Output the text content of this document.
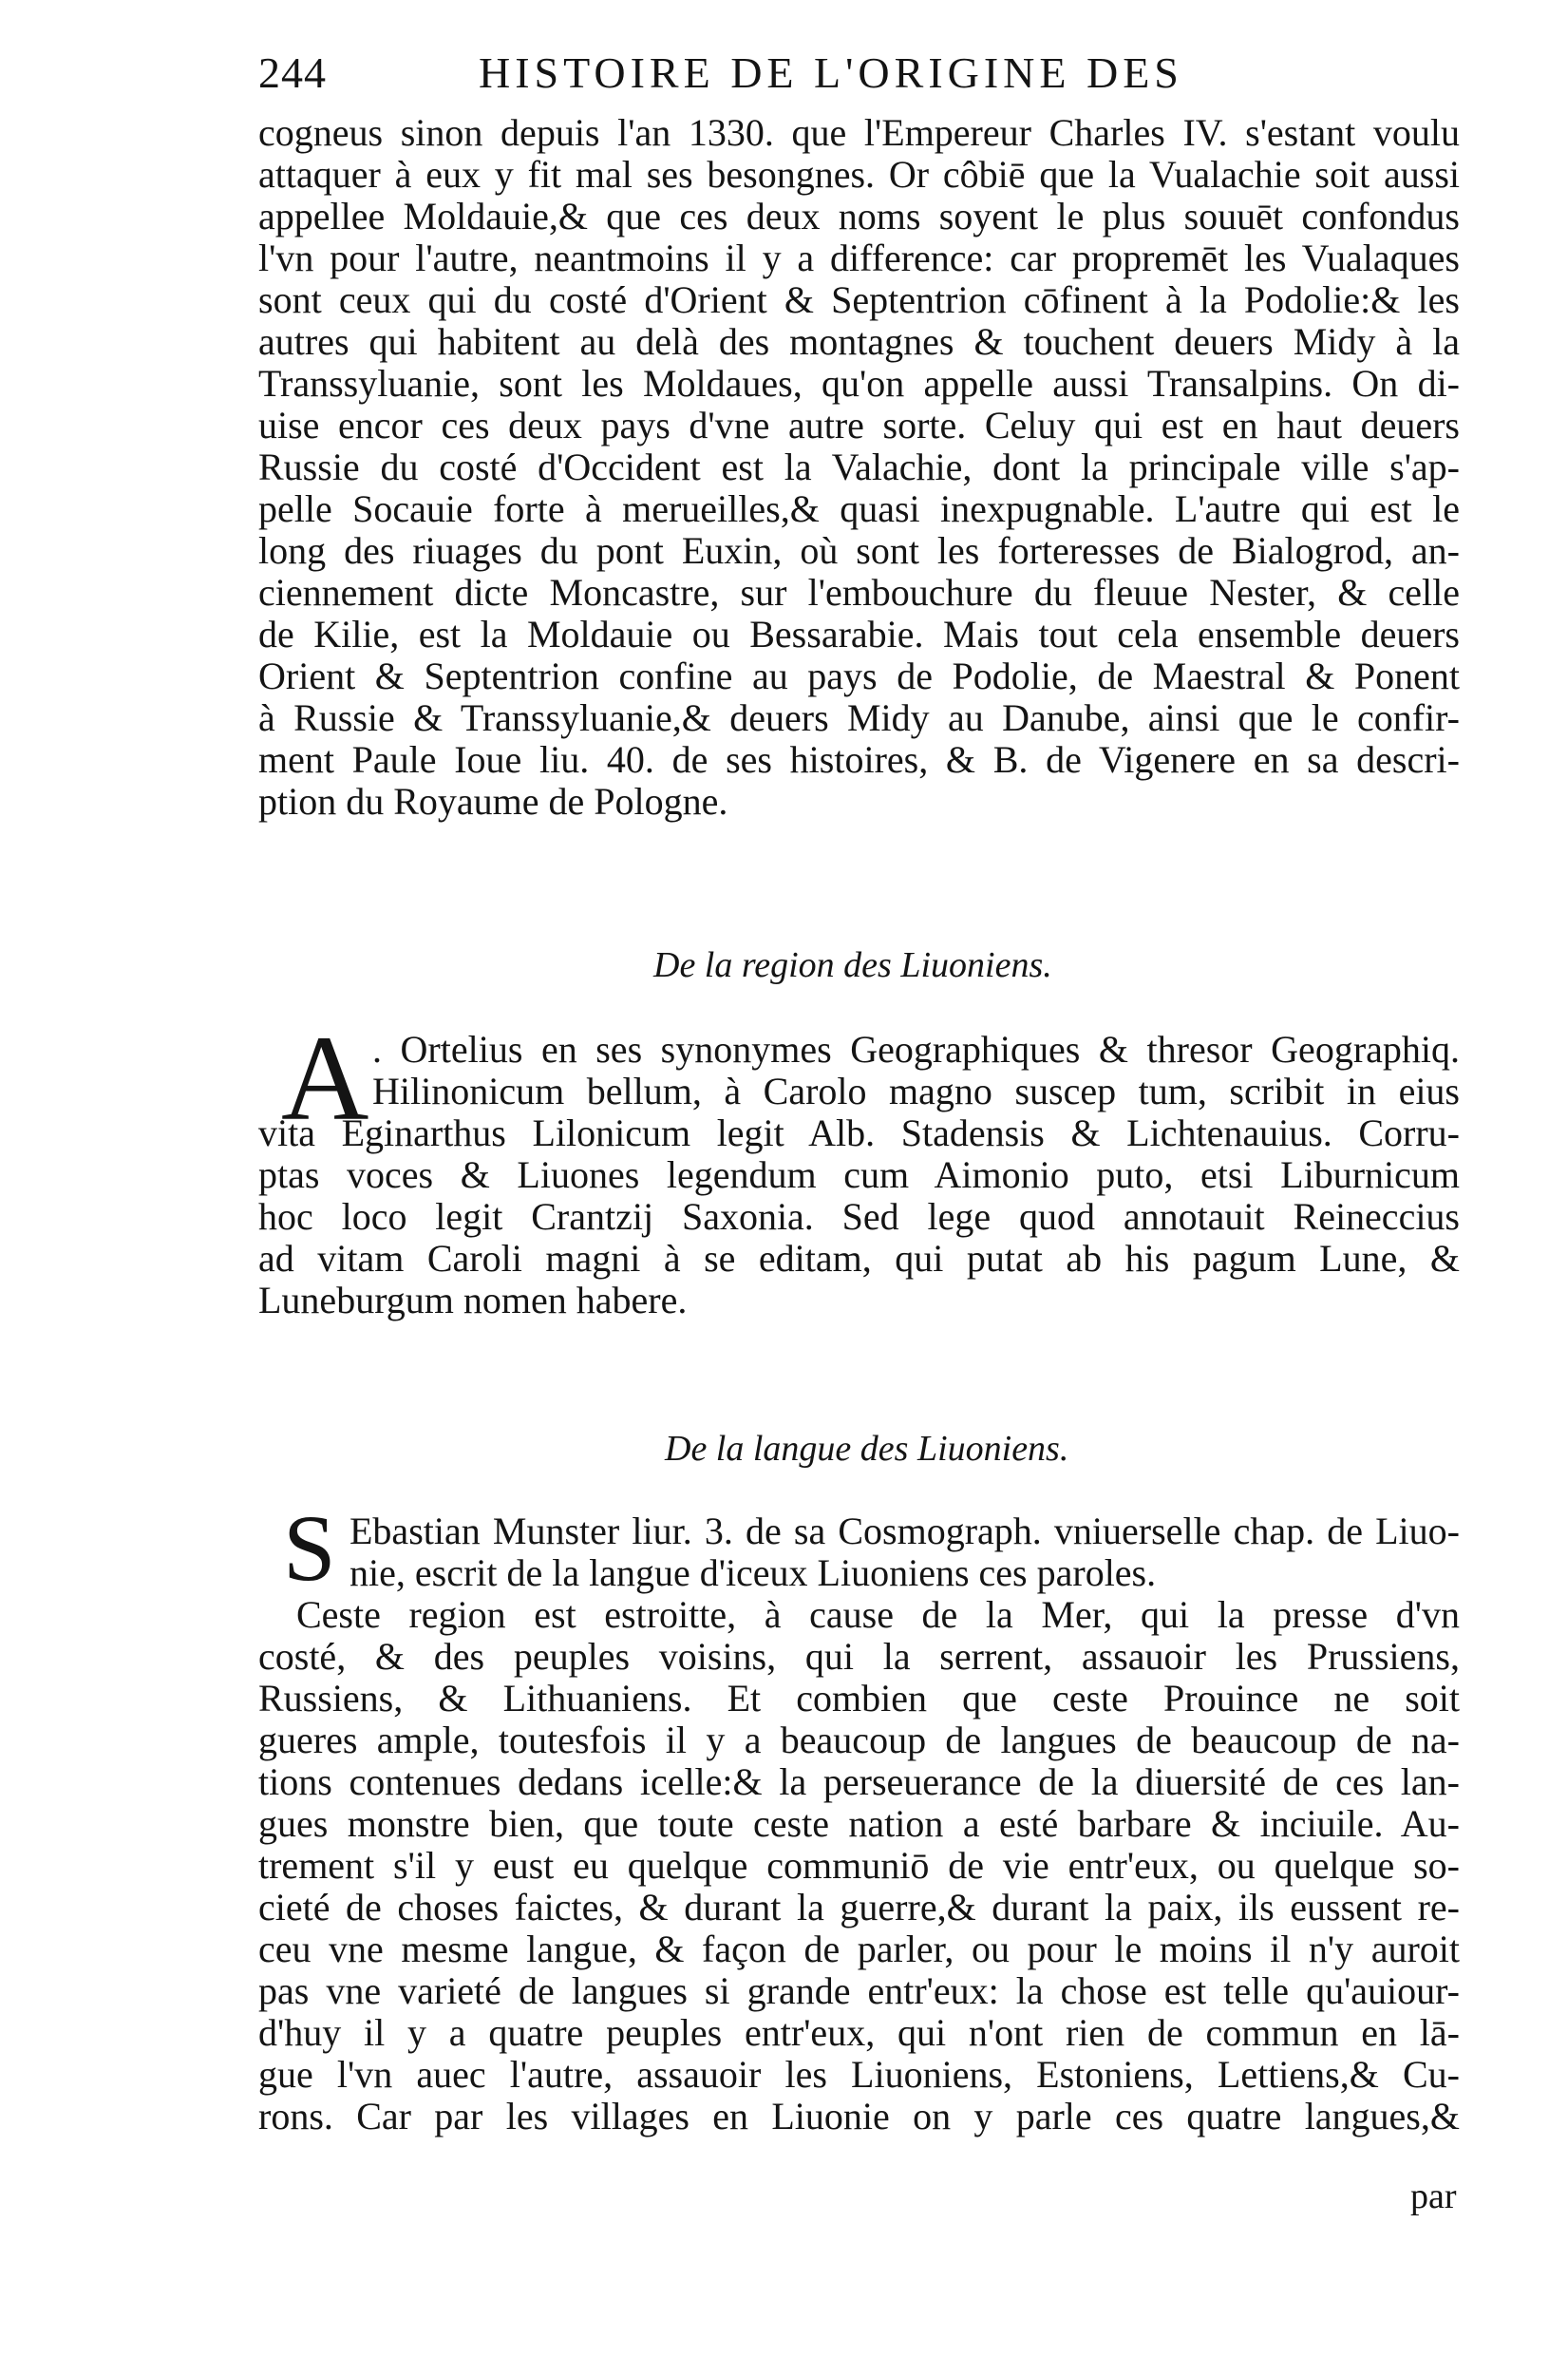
244	HISTOIRE DE L'ORIGINE DES
cogneus sinon depuis l'an 1330. que l'Empereur Charles IV. s'estant voulu
attaquer à eux y fit mal ses besongnes. Or côbiē que la Vualachie soit aussi
appellee Moldauie,& que ces deux noms soyent le plus souuēt confondus
l'vn pour l'autre, neantmoins il y a difference: car propremēt les Vualaques
sont ceux qui du costé d'Orient & Septentrion cōfinent à la Podolie:& les
autres qui habitent au delà des montagnes & touchent deuers Midy à la
Transsyluanie, sont les Moldaues, qu'on appelle aussi Transalpins. On di-
uise encor ces deux pays d'vne autre sorte. Celuy qui est en haut deuers
Russie du costé d'Occident est la Valachie, dont la principale ville s'ap-
pelle Socauie forte à merueilles,& quasi inexpugnable. L'autre qui est le
long des riuages du pont Euxin, où sont les forteresses de Bialogrod, an-
ciennement dicte Moncastre, sur l'embouchure du fleuue Nester, & celle
de Kilie, est la Moldauie ou Bessarabie. Mais tout cela ensemble deuers
Orient & Septentrion confine au pays de Podolie, de Maestral & Ponent
à Russie & Transsyluanie,& deuers Midy au Danube, ainsi que le confir-
ment Paule Ioue liu. 40. de ses histoires, & B. de Vigenere en sa descri-
ption du Royaume de Pologne.
De la region des Liuoniens.
A . Ortelius en ses synonymes Geographiques & thresor Geographiq.
Hilinonicum bellum, à Carolo magno suscep tum, scribit in eius
vita Eginarthus Lilonicum legit Alb. Stadensis & Lichtenauius. Corru-
ptas voces & Liuones legendum cum Aimonio puto, etsi Liburnicum
hoc loco legit Crantzij Saxonia. Sed lege quod annotauit Reineccius
ad vitam Caroli magni à se editam, qui putat ab his pagum Lune, &
Luneburgum nomen habere.
De la langue des Liuoniens.
S Ebastian Munster liur. 3. de sa Cosmograph. vniuerselle chap. de Liuo-
nie, escrit de la langue d'iceux Liuoniens ces paroles.
Ceste region est estroitte, à cause de la Mer, qui la presse d'vn
costé, & des peuples voisins, qui la serrent, assauoir les Prussiens,
Russiens, & Lithuaniens. Et combien que ceste Prouince ne soit
gueres ample, toutesfois il y a beaucoup de langues de beaucoup de na-
tions contenues dedans icelle:& la perseuerance de la diuersité de ces lan-
gues monstre bien, que toute ceste nation a esté barbare & inciuile. Au-
trement s'il y eust eu quelque communiō de vie entr'eux, ou quelque so-
cieté de choses faictes, & durant la guerre,& durant la paix, ils eussent re-
ceu vne mesme langue, & façon de parler, ou pour le moins il n'y auroit
pas vne varieté de langues si grande entr'eux: la chose est telle qu'auiour-
d'huy il y a quatre peuples entr'eux, qui n'ont rien de commun en lā-
gue l'vn auec l'autre, assauoir les Liuoniens, Estoniens, Lettiens,& Cu-
rons. Car par les villages en Liuonie on y parle ces quatre langues,&
par
